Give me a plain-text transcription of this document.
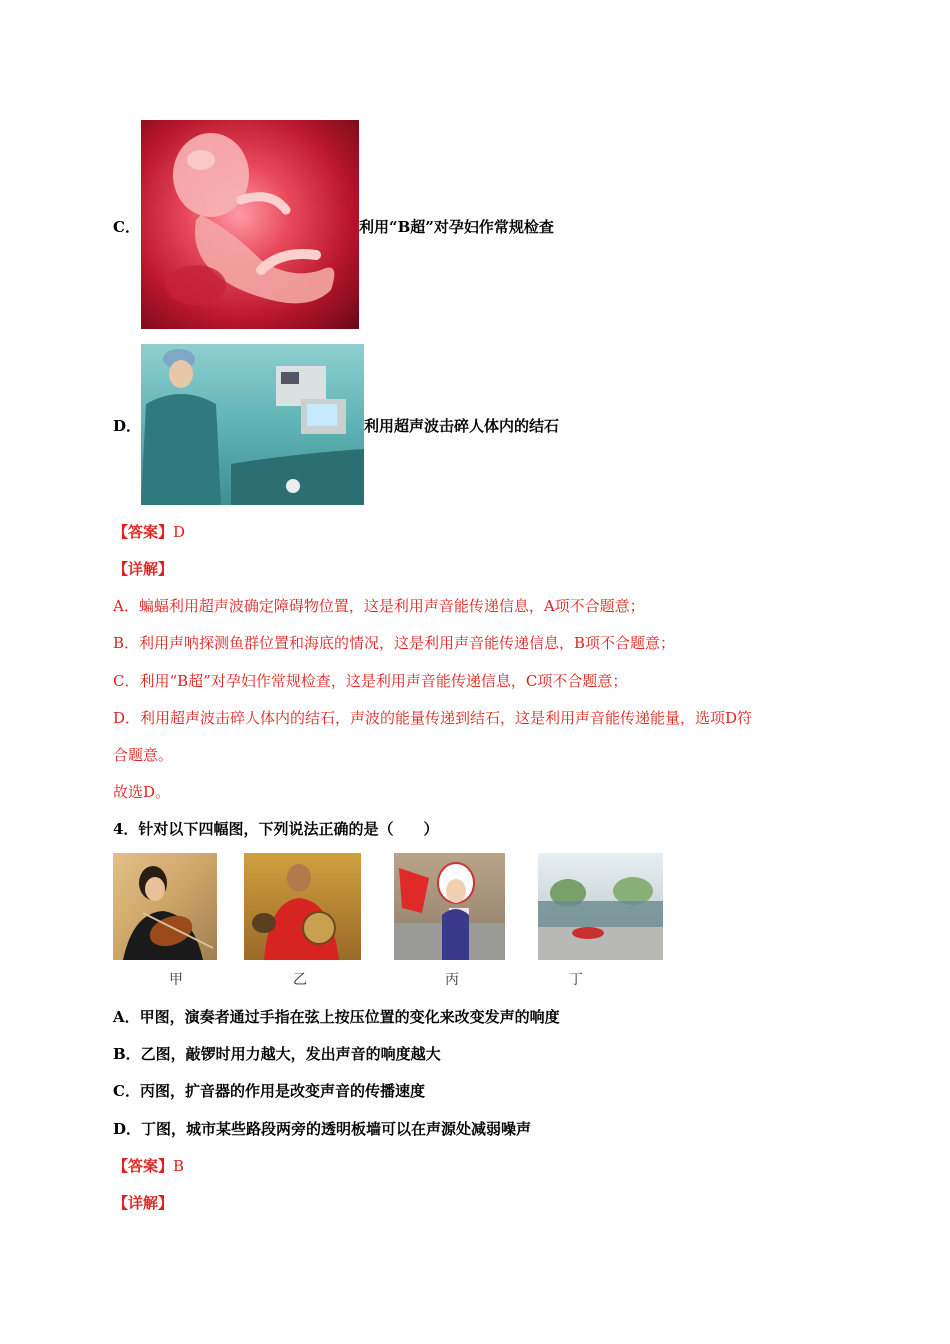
C．	利用“B超”对孕妇作常规检查
D．	利用超声波击碎人体内的结石
【答案】D
【详解】
A．蝙蝠利用超声波确定障碍物位置，这是利用声音能传递信息，A项不合题意；
B．利用声呐探测鱼群位置和海底的情况，这是利用声音能传递信息，B项不合题意；
C．利用“B超”对孕妇作常规检查，这是利用声音能传递信息，C项不合题意；
D．利用超声波击碎人体内的结石，声波的能量传递到结石，这是利用声音能传递能量，选项D符
合题意。
故选D。
4．针对以下四幅图，下列说法正确的是（　　）
甲	乙	丙	丁
A．甲图，演奏者通过手指在弦上按压位置的变化来改变发声的响度
B．乙图，敲锣时用力越大，发出声音的响度越大
C．丙图，扩音器的作用是改变声音的传播速度
D．丁图，城市某些路段两旁的透明板墙可以在声源处减弱噪声
【答案】B
【详解】
